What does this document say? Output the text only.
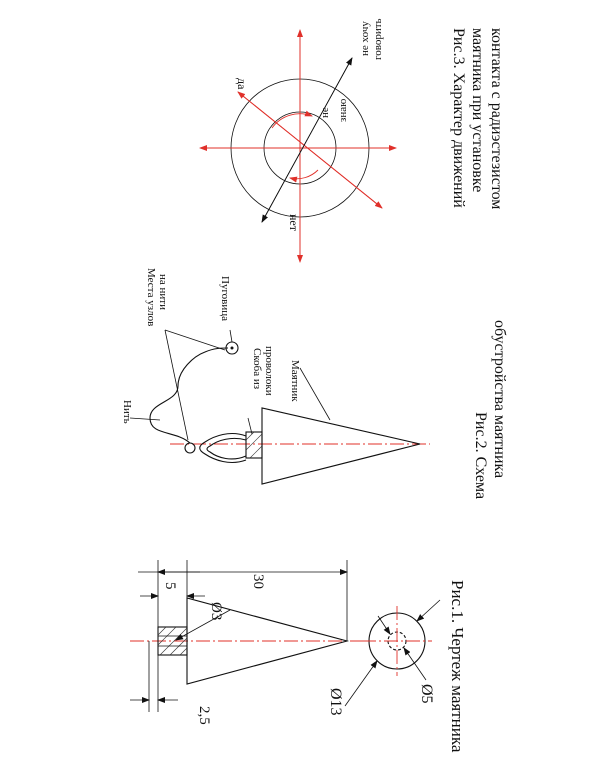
30
5
2,5
Ø3
Ø13	Ø5 Рис.1. Чертеж маятника
Нить
Места узлов на нити	Пуговица
Скоба из проволоки Маятник
Рис.2. Схема обустройства маятника
да
нет
не знаю
не хочу говорить	Рис.3. Характер движений маятника при установке контакта с радиэстезистом
